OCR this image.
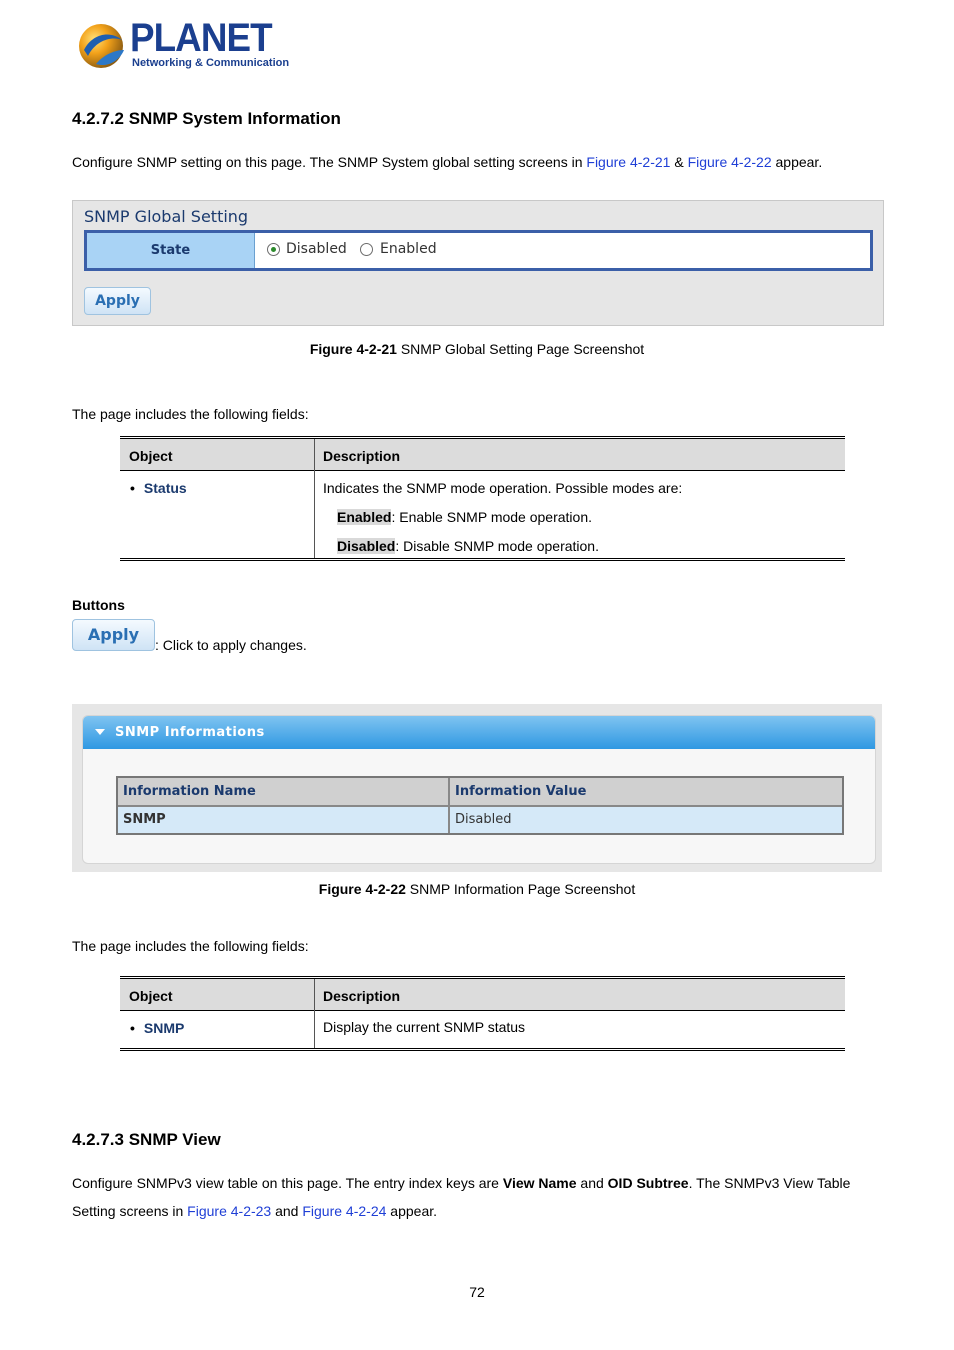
PLANET
Networking & Communication
4.2.7.2 SNMP System Information
Configure SNMP setting on this page. The SNMP System global setting screens in Figure 4-2-21 & Figure 4-2-22 appear.
SNMP Global Setting
State	Disabled Enabled
Apply
Figure 4-2-21 SNMP Global Setting Page Screenshot
The page includes the following fields:
Object	Description
• Status	Indicates the SNMP mode operation. Possible modes are:
Enabled: Enable SNMP mode operation.
Disabled: Disable SNMP mode operation.
Buttons
Apply
: Click to apply changes.
SNMP Informations
Information Name	Information Value
SNMP	Disabled
Figure 4-2-22 SNMP Information Page Screenshot
The page includes the following fields:
Object	Description
• SNMP	Display the current SNMP status
4.2.7.3 SNMP View
Configure SNMPv3 view table on this page. The entry index keys are View Name and OID Subtree. The SNMPv3 View Table
Setting screens in Figure 4-2-23 and Figure 4-2-24 appear.
72
